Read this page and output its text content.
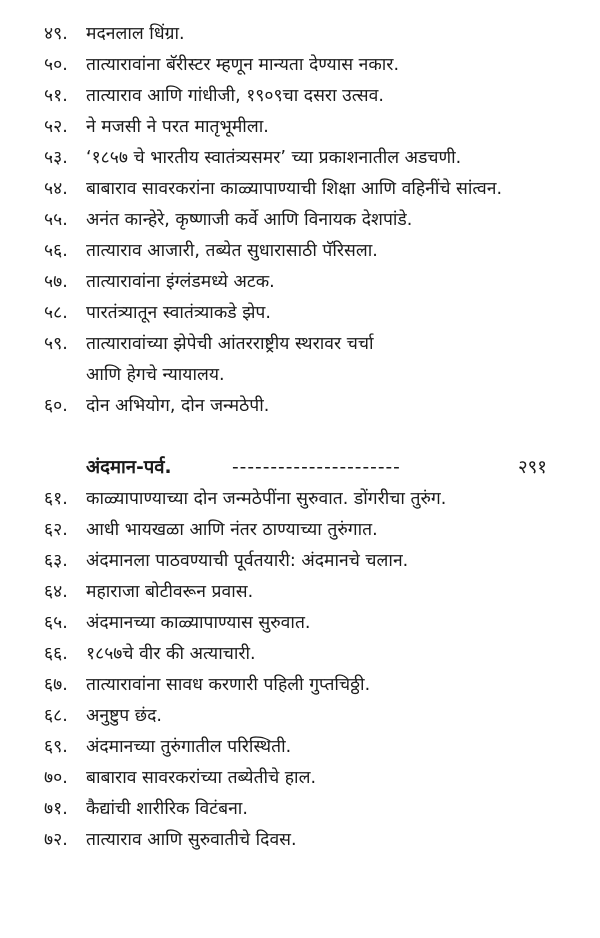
४९. मदनलाल धिंग्रा.
५०. तात्यारावांना बॅरीस्टर म्हणून मान्यता देण्यास नकार.
५१. तात्याराव आणि गांधीजी, १९०९चा दसरा उत्सव.
५२. ने मजसी ने परत मातृभूमीला.
५३. ‘१८५७ चे भारतीय स्वातंत्र्यसमर’ च्या प्रकाशनातील अडचणी.
५४. बाबाराव सावरकरांना काळ्यापाण्याची शिक्षा आणि वहिनींचे सांत्वन.
५५. अनंत कान्हेरे, कृष्णाजी कर्वे आणि विनायक देशपांडे.
५६. तात्याराव आजारी, तब्येत सुधारासाठी पॅरिसला.
५७. तात्यारावांना इंग्लंडमध्ये अटक.
५८. पारतंत्र्यातून स्वातंत्र्याकडे झेप.
५९. तात्यारावांच्या झेपेची आंतरराष्ट्रीय स्थरावर चर्चा
आणि हेगचे न्यायालय.
६०. दोन अभियोग, दोन जन्मठेपी.
अंदमान-पर्व.	----------------------	२९१
६१. काळ्यापाण्याच्या दोन जन्मठेपींना सुरुवात. डोंगरीचा तुरुंग.
६२. आधी भायखळा आणि नंतर ठाण्याच्या तुरुंगात.
६३. अंदमानला पाठवण्याची पूर्वतयारी: अंदमानचे चलान.
६४. महाराजा बोटीवरून प्रवास.
६५. अंदमानच्या काळ्यापाण्यास सुरुवात.
६६. १८५७चे वीर की अत्याचारी.
६७. तात्यारावांना सावध करणारी पहिली गुप्तचिठ्ठी.
६८. अनुष्टुप छंद.
६९. अंदमानच्या तुरुंगातील परिस्थिती.
७०. बाबाराव सावरकरांच्या तब्येतीचे हाल.
७१. कैद्यांची शारीरिक विटंबना.
७२. तात्याराव आणि सुरुवातीचे दिवस.
